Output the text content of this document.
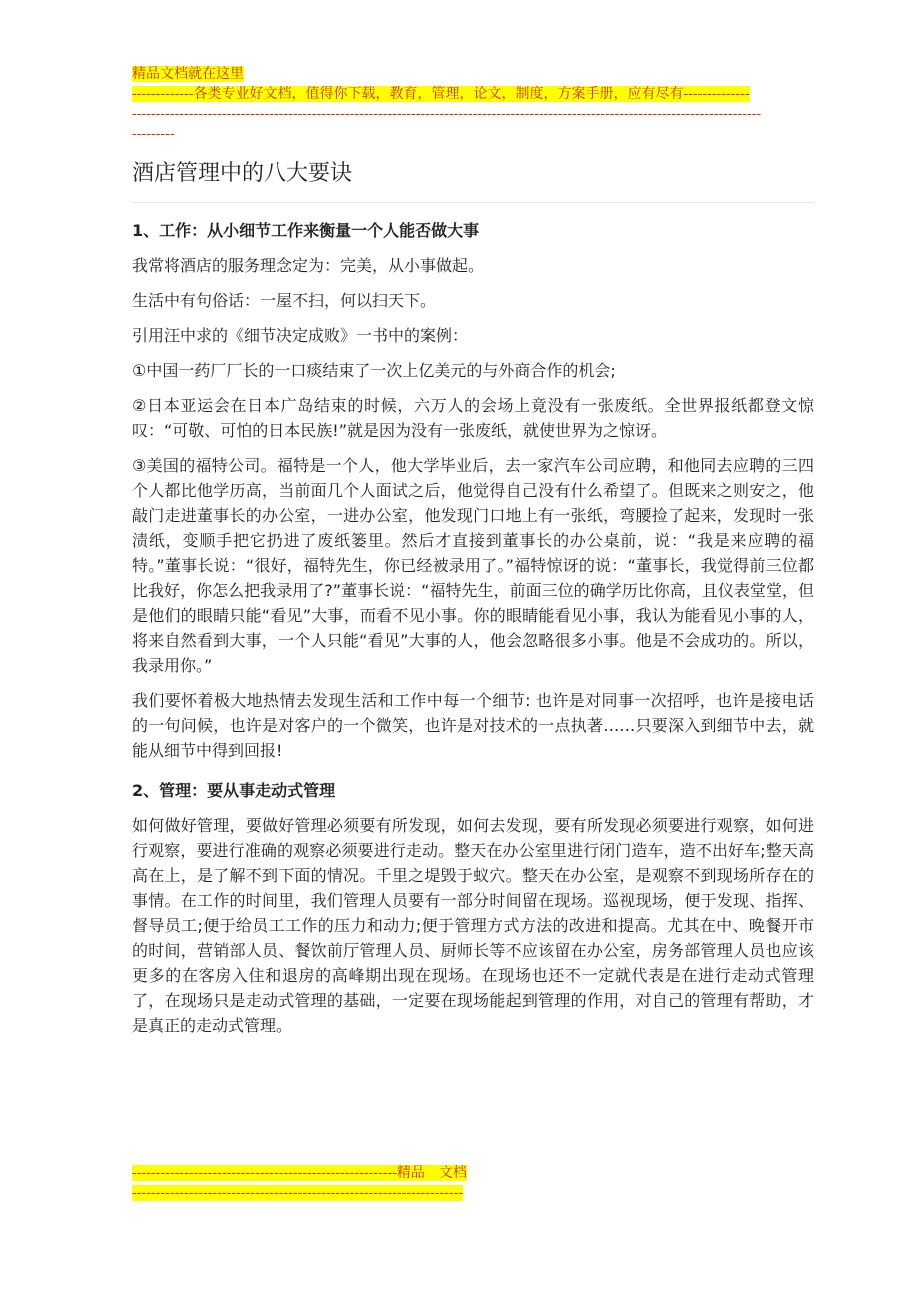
精品文档就在这里
-------------各类专业好文档，值得你下载，教育，管理，论文，制度，方案手册，应有尽有--------------
-------------------------------------------------------------------------------------------------------------------------------------
---------
酒店管理中的八大要诀
1、工作：从小细节工作来衡量一个人能否做大事

我常将酒店的服务理念定为：完美，从小事做起。

生活中有句俗话：一屋不扫，何以扫天下。

引用汪中求的《细节决定成败》一书中的案例：

①中国一药厂厂长的一口痰结束了一次上亿美元的与外商合作的机会;

②日本亚运会在日本广岛结束的时候，六万人的会场上竟没有一张废纸。全世界报纸都登文惊叹：“可敬、可怕的日本民族!”就是因为没有一张废纸，就使世界为之惊讶。

③美国的福特公司。福特是一个人，他大学毕业后，去一家汽车公司应聘，和他同去应聘的三四个人都比他学历高，当前面几个人面试之后，他觉得自己没有什么希望了。但既来之则安之，他敲门走进董事长的办公室，一进办公室，他发现门口地上有一张纸，弯腰捡了起来，发现时一张渍纸，变顺手把它扔进了废纸篓里。然后才直接到董事长的办公桌前，说：“我是来应聘的福特。”董事长说：“很好，福特先生，你已经被录用了。”福特惊讶的说：“董事长，我觉得前三位都比我好，你怎么把我录用了?”董事长说：“福特先生，前面三位的确学历比你高，且仪表堂堂，但是他们的眼睛只能“看见”大事，而看不见小事。你的眼睛能看见小事，我认为能看见小事的人，将来自然看到大事，一个人只能“看见”大事的人，他会忽略很多小事。他是不会成功的。所以，我录用你。”

我们要怀着极大地热情去发现生活和工作中每一个细节: 也许是对同事一次招呼，也许是接电话的一句问候，也许是对客户的一个微笑，也许是对技术的一点执著……只要深入到细节中去，就能从细节中得到回报!

2、管理：要从事走动式管理

如何做好管理，要做好管理必须要有所发现，如何去发现，要有所发现必须要进行观察，如何进行观察，要进行准确的观察必须要进行走动。整天在办公室里进行闭门造车，造不出好车;整天高高在上，是了解不到下面的情况。千里之堤毁于蚁穴。整天在办公室，是观察不到现场所存在的事情。在工作的时间里，我们管理人员要有一部分时间留在现场。巡视现场，便于发现、指挥、督导员工;便于给员工工作的压力和动力;便于管理方式方法的改进和提高。尤其在中、晚餐开市的时间，营销部人员、餐饮前厅管理人员、厨师长等不应该留在办公室，房务部管理人员也应该更多的在客房入住和退房的高峰期出现在现场。在现场也还不一定就代表是在进行走动式管理了，在现场只是走动式管理的基础，一定要在现场能起到管理的作用，对自己的管理有帮助，才是真正的走动式管理。

--------------------------------------------------------精品　文档
----------------------------------------------------------------------
